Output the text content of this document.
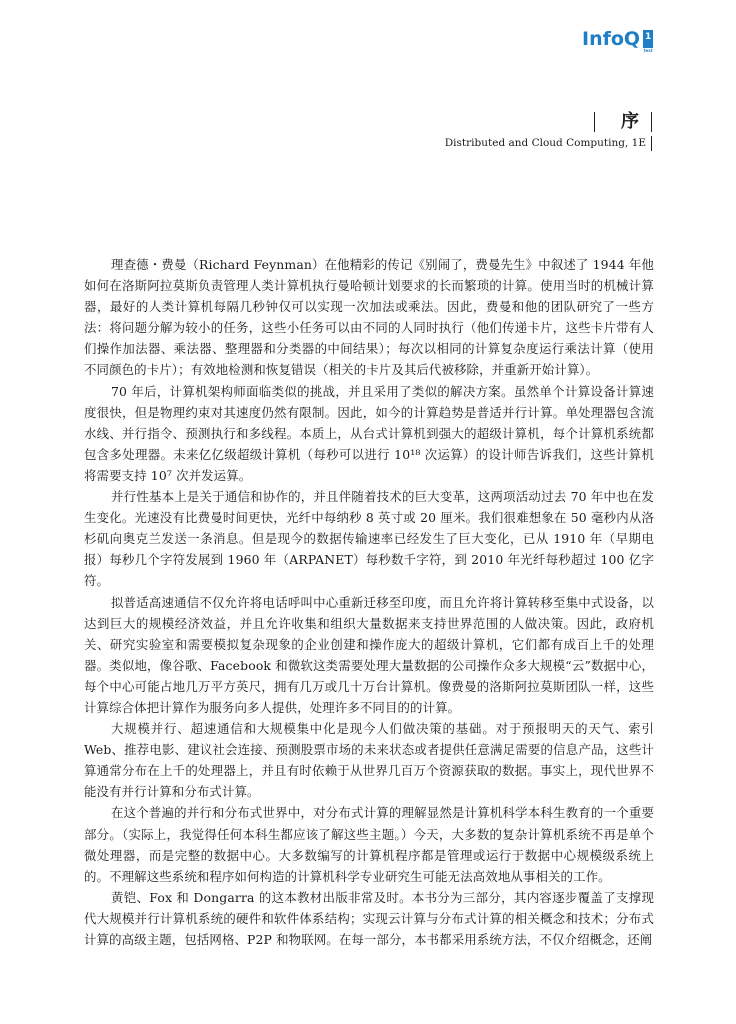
InfoQ 1
test
序
Distributed and Cloud Computing, 1E

理查德・费曼（Richard Feynman）在他精彩的传记《别闹了，费曼先生》中叙述了 1944 年他如何在洛斯阿拉莫斯负责管理人类计算机执行曼哈顿计划要求的长而繁琐的计算。使用当时的机械计算器，最好的人类计算机每隔几秒钟仅可以实现一次加法或乘法。因此，费曼和他的团队研究了一些方法：将问题分解为较小的任务，这些小任务可以由不同的人同时执行（他们传递卡片，这些卡片带有人们操作加法器、乘法器、整理器和分类器的中间结果）；每次以相同的计算复杂度运行乘法计算（使用不同颜色的卡片）；有效地检测和恢复错误（相关的卡片及其后代被移除，并重新开始计算）。

70 年后，计算机架构师面临类似的挑战，并且采用了类似的解决方案。虽然单个计算设备计算速度很快，但是物理约束对其速度仍然有限制。因此，如今的计算趋势是普适并行计算。单处理器包含流水线、并行指令、预测执行和多线程。本质上，从台式计算机到强大的超级计算机，每个计算机系统都包含多处理器。未来亿亿级超级计算机（每秒可以进行 10¹⁸ 次运算）的设计师告诉我们，这些计算机将需要支持 10⁷ 次并发运算。

并行性基本上是关于通信和协作的，并且伴随着技术的巨大变革，这两项活动过去 70 年中也在发生变化。光速没有比费曼时间更快，光纤中每纳秒 8 英寸或 20 厘米。我们很难想象在 50 毫秒内从洛杉矶向奥克兰发送一条消息。但是现今的数据传输速率已经发生了巨大变化，已从 1910 年（早期电报）每秒几个字符发展到 1960 年（ARPANET）每秒数千字符，到 2010 年光纤每秒超过 100 亿字符。

拟普适高速通信不仅允许将电话呼叫中心重新迁移至印度，而且允许将计算转移至集中式设备，以达到巨大的规模经济效益，并且允许收集和组织大量数据来支持世界范围的人做决策。因此，政府机关、研究实验室和需要模拟复杂现象的企业创建和操作庞大的超级计算机，它们都有成百上千的处理器。类似地，像谷歌、Facebook 和微软这类需要处理大量数据的公司操作众多大规模“云”数据中心，每个中心可能占地几万平方英尺，拥有几万或几十万台计算机。像费曼的洛斯阿拉莫斯团队一样，这些计算综合体把计算作为服务向多人提供，处理许多不同目的的计算。

大规模并行、超速通信和大规模集中化是现今人们做决策的基础。对于预报明天的天气、索引 Web、推荐电影、建议社会连接、预测股票市场的未来状态或者提供任意满足需要的信息产品，这些计算通常分布在上千的处理器上，并且有时依赖于从世界几百万个资源获取的数据。事实上，现代世界不能没有并行计算和分布式计算。

在这个普遍的并行和分布式世界中，对分布式计算的理解显然是计算机科学本科生教育的一个重要部分。（实际上，我觉得任何本科生都应该了解这些主题。）今天，大多数的复杂计算机系统不再是单个微处理器，而是完整的数据中心。大多数编写的计算机程序都是管理或运行于数据中心规模级系统上的。不理解这些系统和程序如何构造的计算机科学专业研究生可能无法高效地从事相关的工作。

黄铠、Fox 和 Dongarra 的这本教材出版非常及时。本书分为三部分，其内容逐步覆盖了支撑现代大规模并行计算机系统的硬件和软件体系结构；实现云计算与分布式计算的相关概念和技术；分布式计算的高级主题，包括网格、P2P 和物联网。在每一部分，本书都采用系统方法，不仅介绍概念，还阐
